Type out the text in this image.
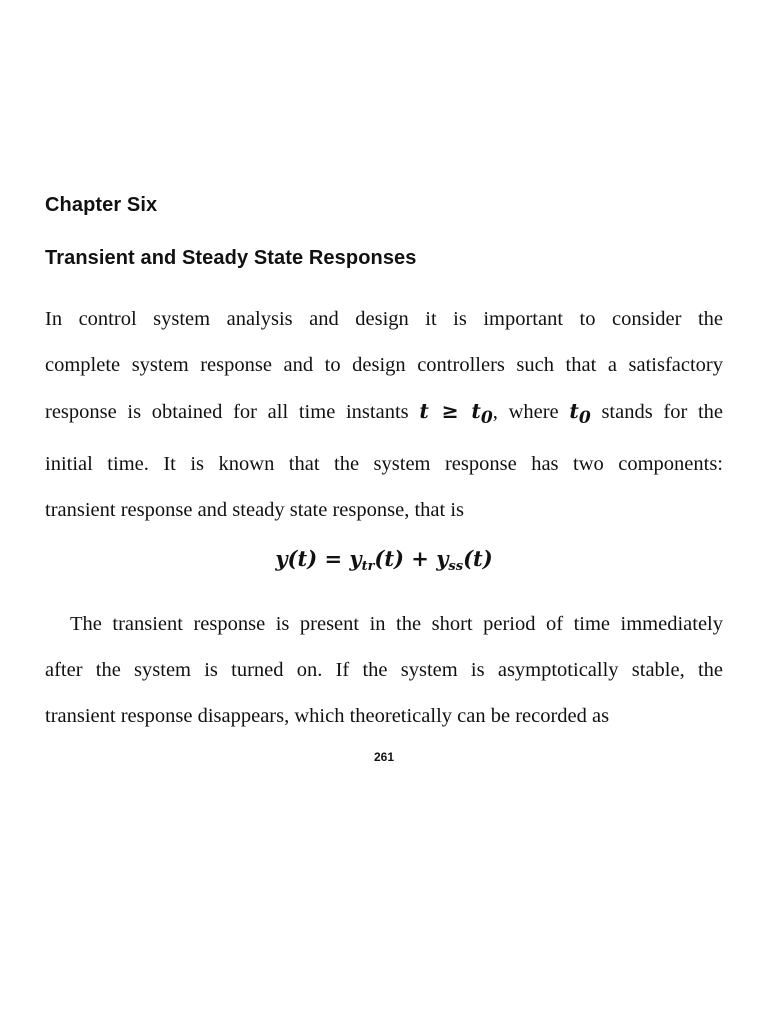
Chapter Six
Transient and Steady State Responses
In control system analysis and design it is important to consider the
complete system response and to design controllers such that a satisfactory
response is obtained for all time instants $t \ge t_0$, where $t_0$ stands for the
initial time. It is known that the system response has two components:
transient response and steady state response, that is
$y(t) = y_{tr}(t) + y_{ss}(t)$
The transient response is present in the short period of time immediately
after the system is turned on. If the system is asymptotically stable, the
transient response disappears, which theoretically can be recorded as
261
